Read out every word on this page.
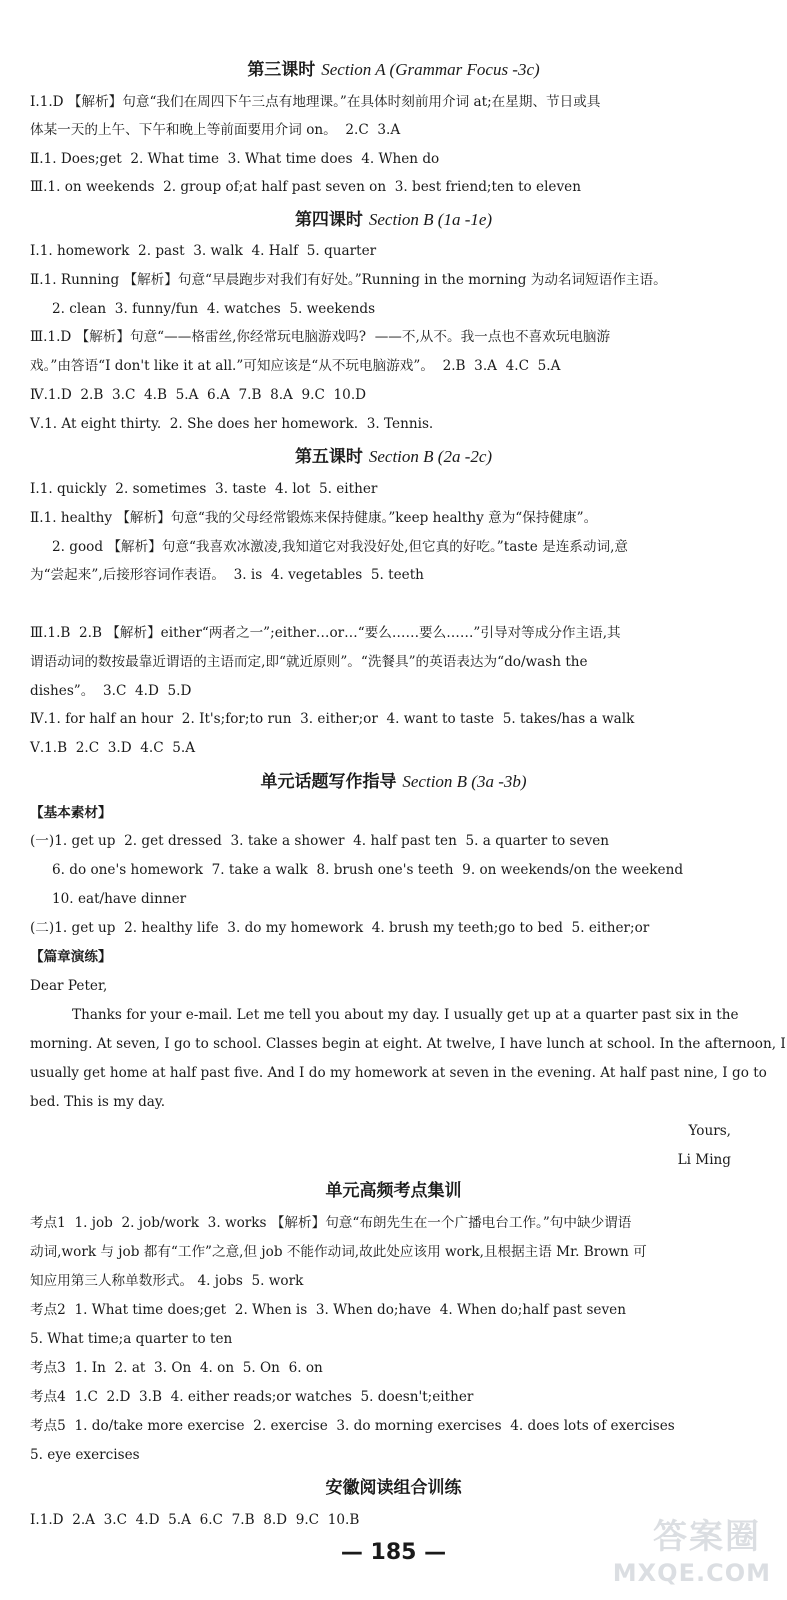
第三课时 Section A (Grammar Focus -3c)
Ⅰ.1.D 【解析】句意“我们在周四下午三点有地理课。”在具体时刻前用介词 at;在星期、节日或具
体某一天的上午、下午和晚上等前面要用介词 on。  2.C  3.A
Ⅱ.1. Does;get  2. What time  3. What time does  4. When do
Ⅲ.1. on weekends  2. group of;at half past seven on  3. best friend;ten to eleven
第四课时 Section B (1a -1e)
Ⅰ.1. homework  2. past  3. walk  4. Half  5. quarter
Ⅱ.1. Running 【解析】句意“早晨跑步对我们有好处。”Running in the morning 为动名词短语作主语。
2. clean  3. funny/fun  4. watches  5. weekends
Ⅲ.1.D 【解析】句意“——格雷丝,你经常玩电脑游戏吗?  ——不,从不。我一点也不喜欢玩电脑游
戏。”由答语“I don't like it at all.”可知应该是“从不玩电脑游戏”。  2.B  3.A  4.C  5.A
Ⅳ.1.D  2.B  3.C  4.B  5.A  6.A  7.B  8.A  9.C  10.D
Ⅴ.1. At eight thirty.  2. She does her homework.  3. Tennis.
第五课时 Section B (2a -2c)
Ⅰ.1. quickly  2. sometimes  3. taste  4. lot  5. either
Ⅱ.1. healthy 【解析】句意“我的父母经常锻炼来保持健康。”keep healthy 意为“保持健康”。
2. good 【解析】句意“我喜欢冰激凌,我知道它对我没好处,但它真的好吃。”taste 是连系动词,意
为“尝起来”,后接形容词作表语。  3. is  4. vegetables  5. teeth
Ⅲ.1.B  2.B 【解析】either“两者之一”;either…or…“要么……要么……”引导对等成分作主语,其
谓语动词的数按最靠近谓语的主语而定,即“就近原则”。“洗餐具”的英语表达为“do/wash the
dishes”。  3.C  4.D  5.D
Ⅳ.1. for half an hour  2. It's;for;to run  3. either;or  4. want to taste  5. takes/has a walk
Ⅴ.1.B  2.C  3.D  4.C  5.A
单元话题写作指导 Section B (3a -3b)
【基本素材】
(一)1. get up  2. get dressed  3. take a shower  4. half past ten  5. a quarter to seven
6. do one's homework  7. take a walk  8. brush one's teeth  9. on weekends/on the weekend
10. eat/have dinner
(二)1. get up  2. healthy life  3. do my homework  4. brush my teeth;go to bed  5. either;or
【篇章演练】
Dear Peter,
Thanks for your e-mail. Let me tell you about my day. I usually get up at a quarter past six in the
morning. At seven, I go to school. Classes begin at eight. At twelve, I have lunch at school. In the afternoon, I
usually get home at half past five. And I do my homework at seven in the evening. At half past nine, I go to
bed. This is my day.
Yours,
Li Ming
单元高频考点集训
考点1  1. job  2. job/work  3. works 【解析】句意“布朗先生在一个广播电台工作。”句中缺少谓语
动词,work 与 job 都有“工作”之意,但 job 不能作动词,故此处应该用 work,且根据主语 Mr. Brown 可
知应用第三人称单数形式。 4. jobs  5. work
考点2  1. What time does;get  2. When is  3. When do;have  4. When do;half past seven
5. What time;a quarter to ten
考点3  1. In  2. at  3. On  4. on  5. On  6. on
考点4  1.C  2.D  3.B  4. either reads;or watches  5. doesn't;either
考点5  1. do/take more exercise  2. exercise  3. do morning exercises  4. does lots of exercises
5. eye exercises
安徽阅读组合训练
Ⅰ.1.D  2.A  3.C  4.D  5.A  6.C  7.B  8.D  9.C  10.B
— 185 —	答案圈
MXQE.COM
